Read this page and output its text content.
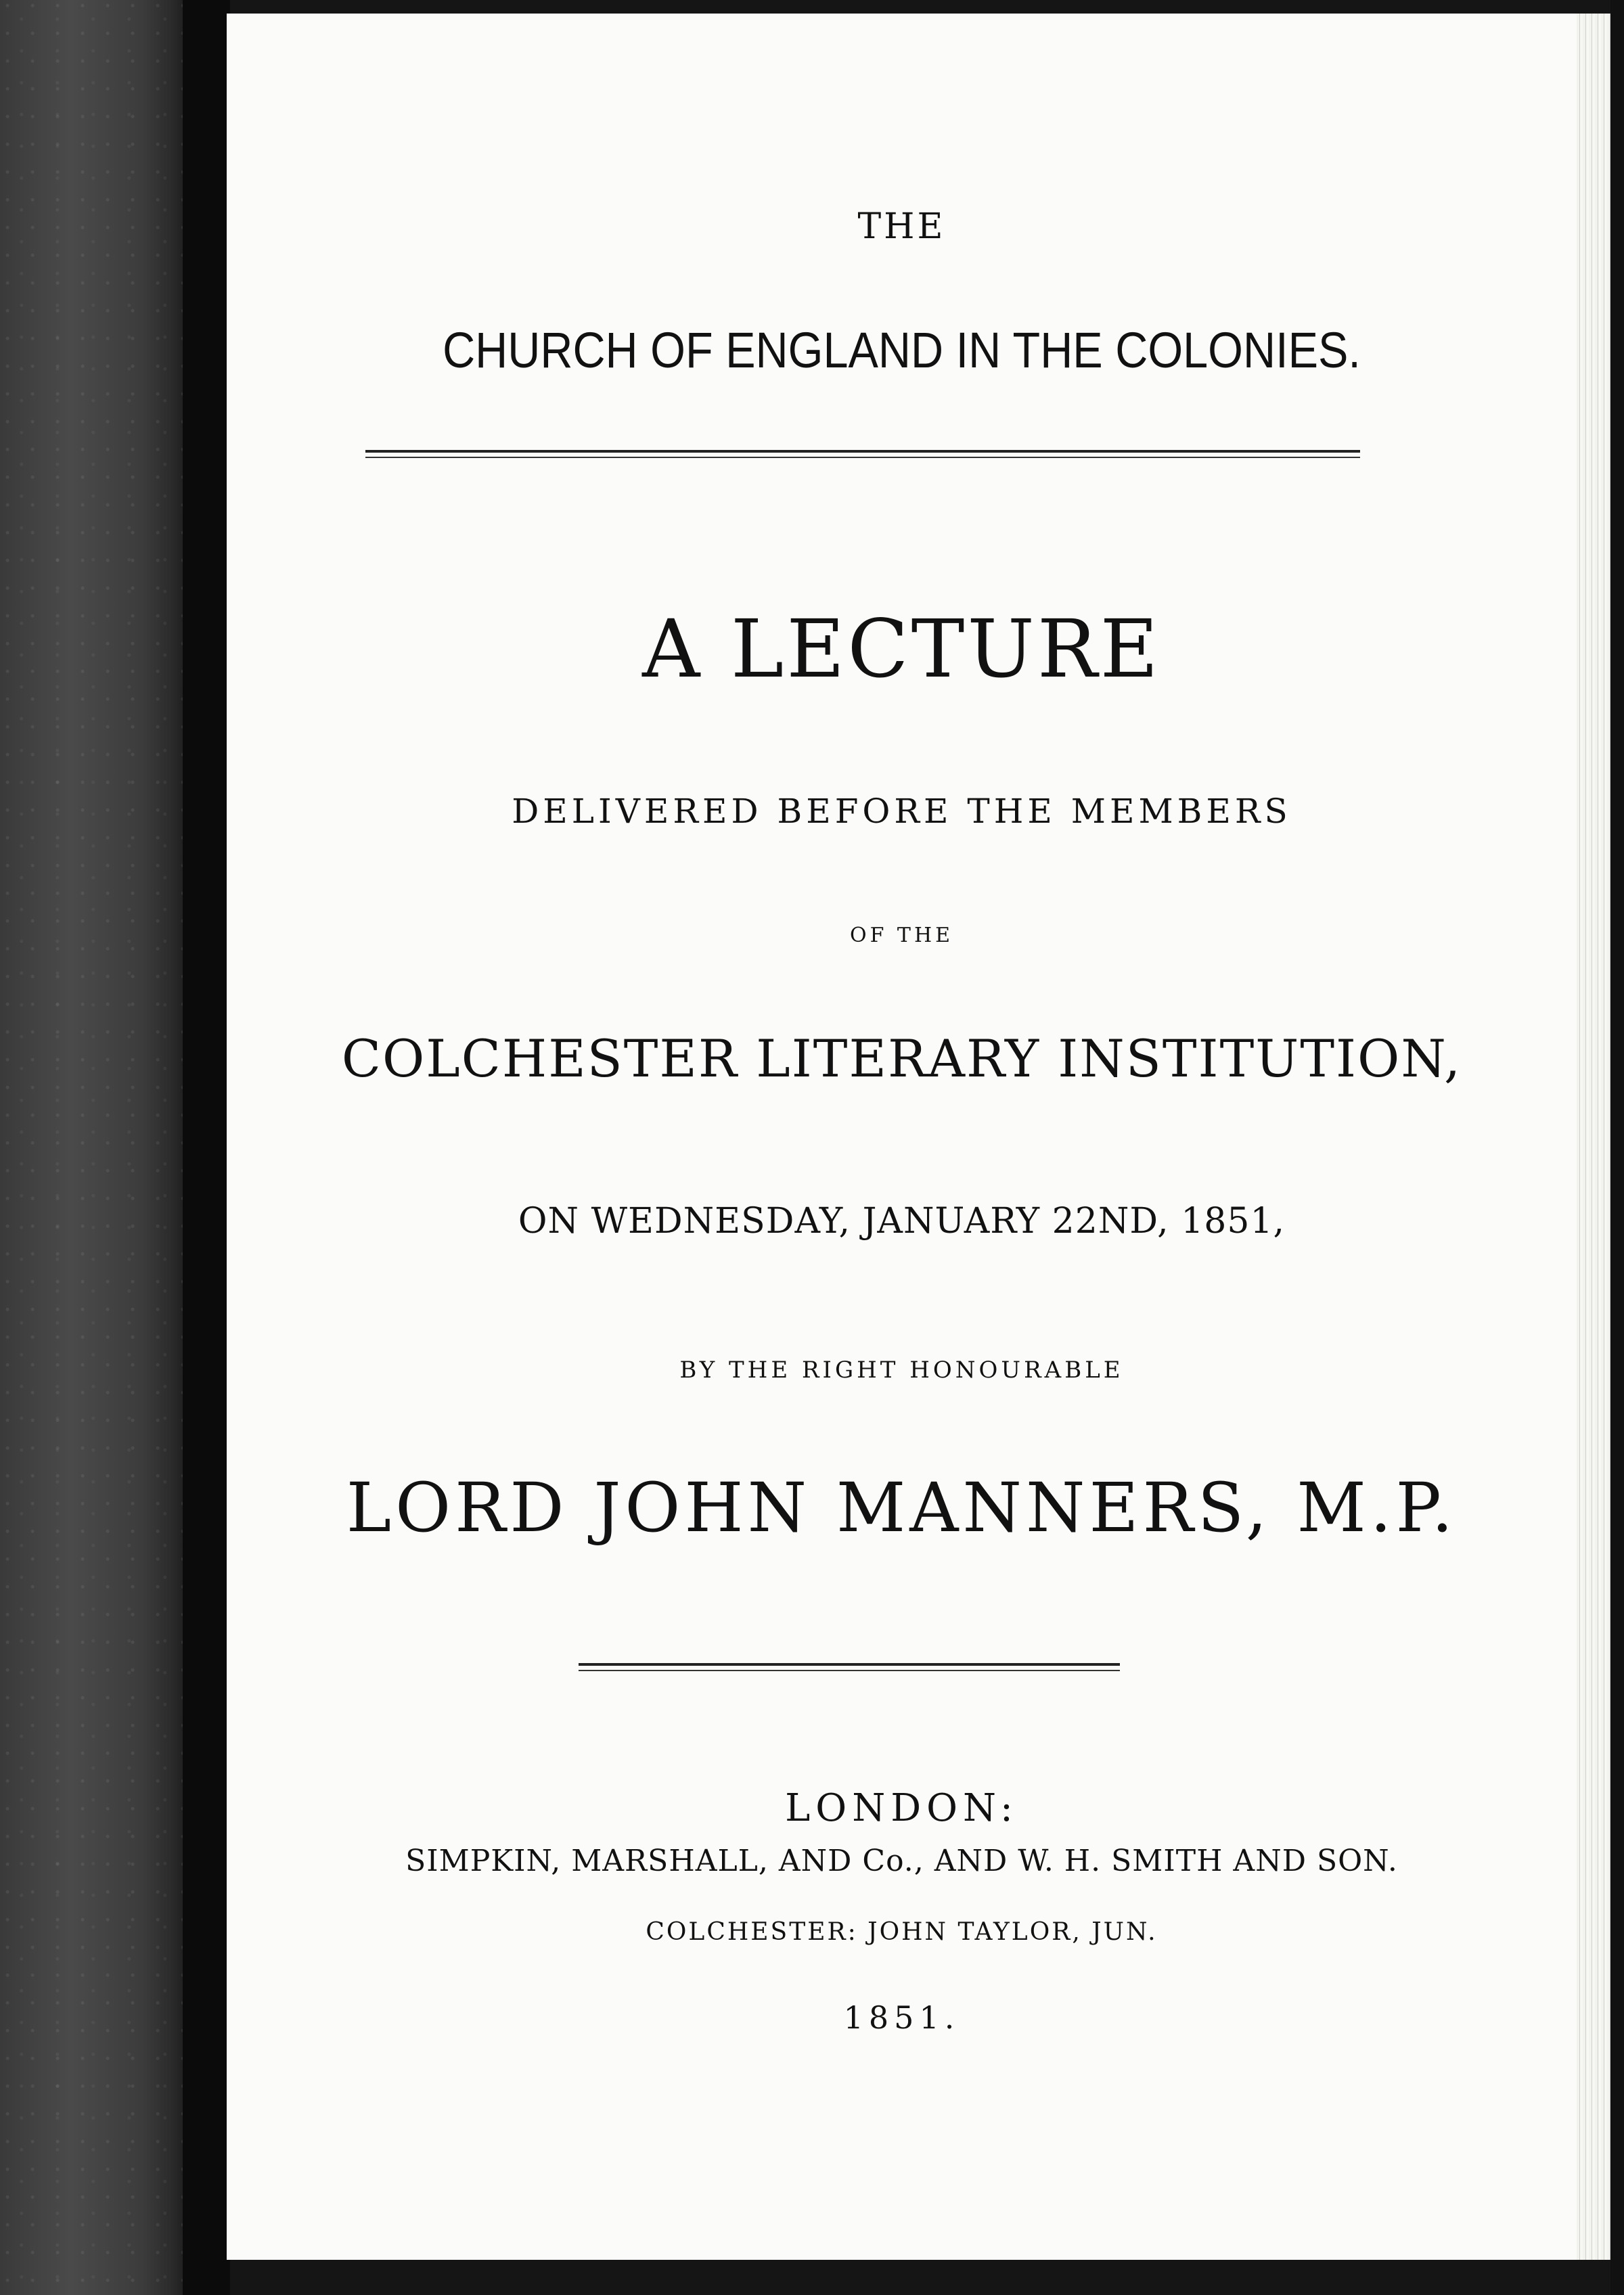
THE

CHURCH OF ENGLAND IN THE COLONIES.

A LECTURE

DELIVERED BEFORE THE MEMBERS

OF THE

COLCHESTER LITERARY INSTITUTION,

ON WEDNESDAY, JANUARY 22ND, 1851,

BY THE RIGHT HONOURABLE

LORD JOHN MANNERS, M.P.

LONDON:

SIMPKIN, MARSHALL, AND Co., AND W. H. SMITH AND SON.

COLCHESTER: JOHN TAYLOR, JUN.

1851.
